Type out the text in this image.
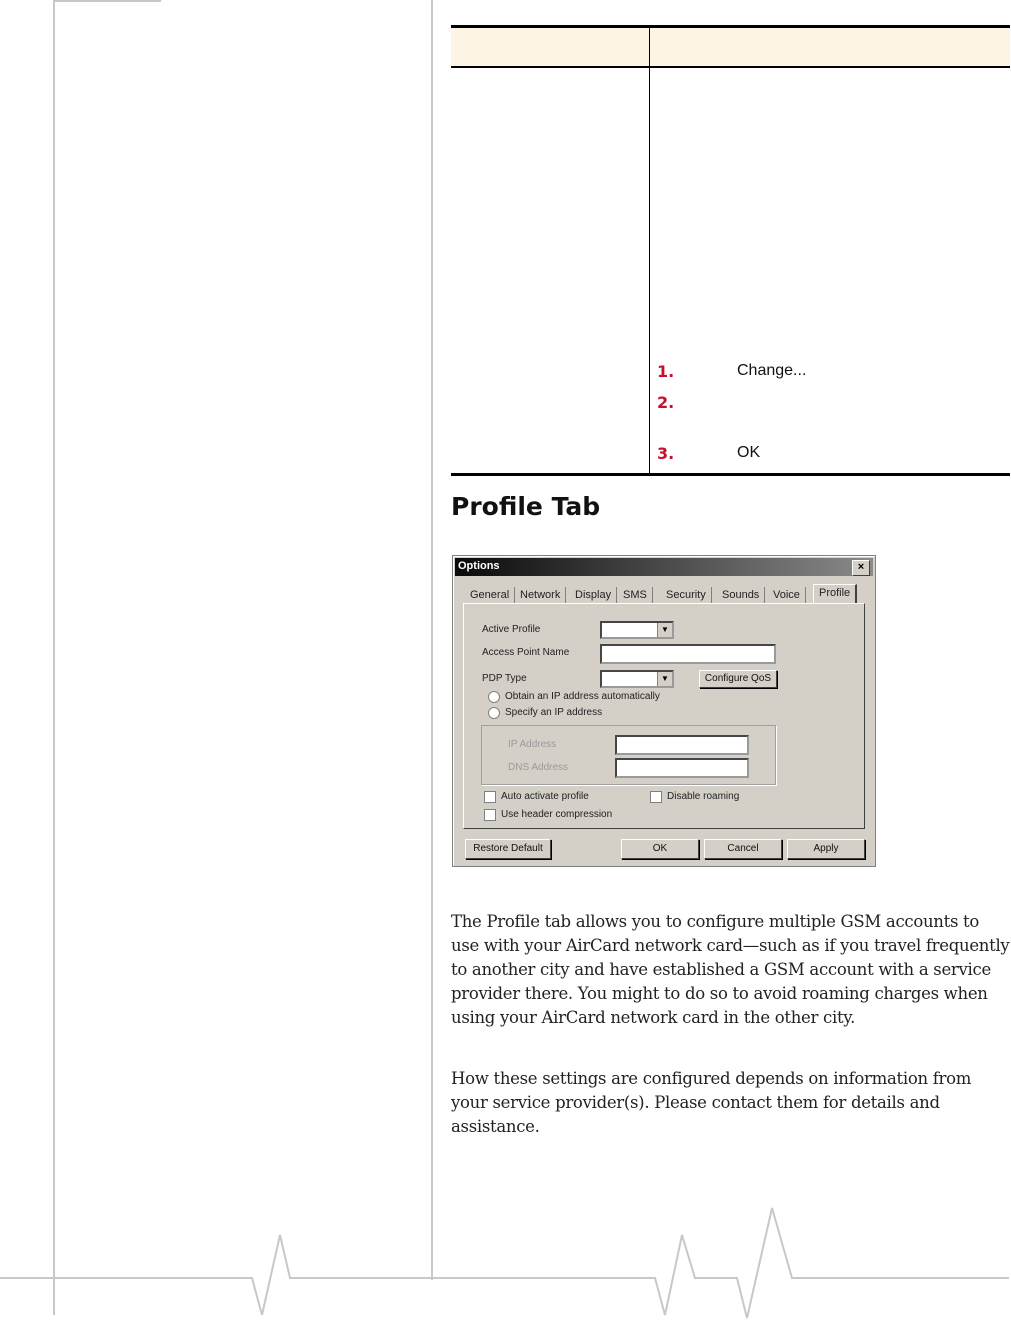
1.	Change...
2.
3.	OK
Profile Tab
Options	×
General Network	Display	SMS	Security	Sounds	Voice	Profile
Active Profile	▼
Access Point Name
PDP Type	▼	Configure QoS
Obtain an IP address automatically
Specify an IP address
IP Address
DNS Address
Auto activate profile	Disable roaming
Use header compression
Restore Default	OK	Cancel	Apply

The Profile tab allows you to configure multiple GSM accounts to use with your AirCard network card—such as if you travel frequently to another city and have established a GSM account with a service provider there. You might to do so to avoid roaming charges when using your AirCard network card in the other city.

How these settings are configured depends on information from your service provider(s). Please contact them for details and assistance.
